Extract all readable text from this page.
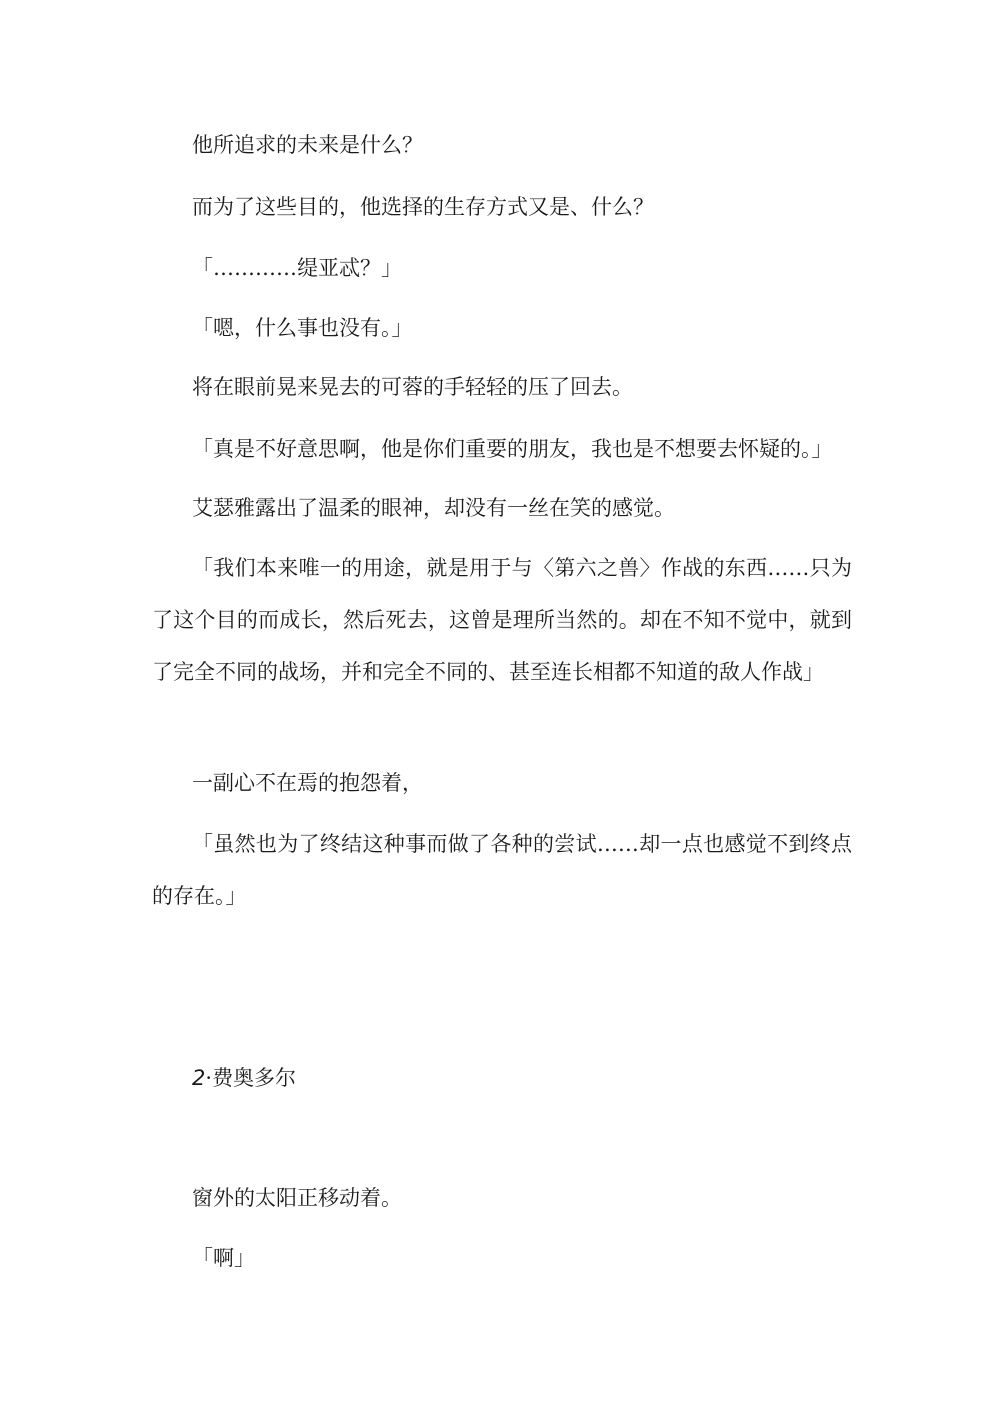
他所追求的未来是什么？

而为了这些目的，他选择的生存方式又是、什么？

「…………缇亚忒？」

「嗯，什么事也没有。」

将在眼前晃来晃去的可蓉的手轻轻的压了回去。

「真是不好意思啊，他是你们重要的朋友，我也是不想要去怀疑的。」

艾瑟雅露出了温柔的眼神，却没有一丝在笑的感觉。

「我们本来唯一的用途，就是用于与〈第六之兽〉作战的东西……只为了这个目的而成长，然后死去，这曾是理所当然的。却在不知不觉中，就到了完全不同的战场，并和完全不同的、甚至连长相都不知道的敌人作战」

一副心不在焉的抱怨着，

「虽然也为了终结这种事而做了各种的尝试……却一点也感觉不到终点的存在。」

2·费奥多尔

窗外的太阳正移动着。

「啊」
